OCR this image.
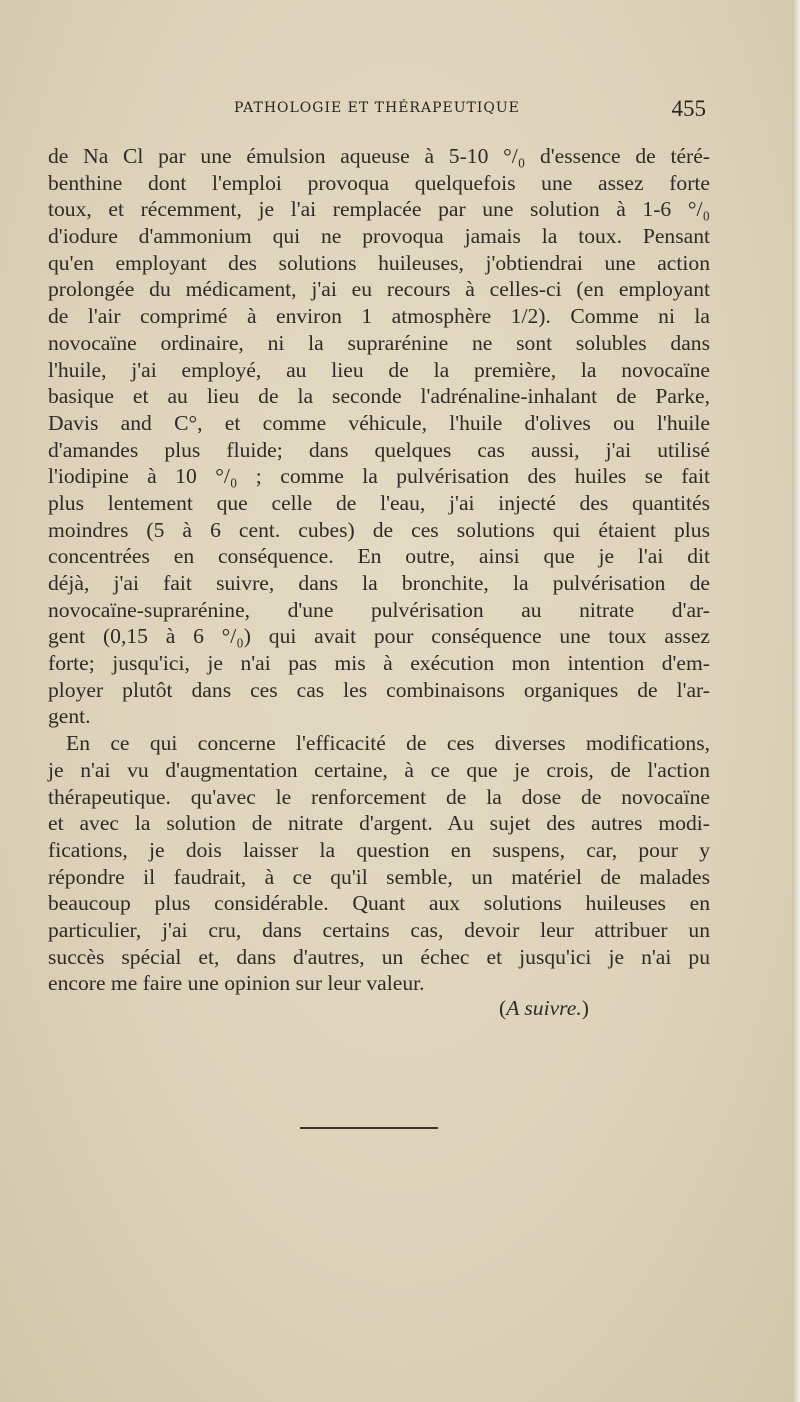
PATHOLOGIE ET THÉRAPEUTIQUE	455
de Na Cl par une émulsion aqueuse à 5-10 °/₀ d'essence de téré-
benthine dont l'emploi provoqua quelquefois une assez forte
toux, et récemment, je l'ai remplacée par une solution à 1-6 °/₀
d'iodure d'ammonium qui ne provoqua jamais la toux. Pensant
qu'en employant des solutions huileuses, j'obtiendrai une action
prolongée du médicament, j'ai eu recours à celles-ci (en employant
de l'air comprimé à environ 1 atmosphère 1/2). Comme ni la
novocaïne ordinaire, ni la suprarénine ne sont solubles dans
l'huile, j'ai employé, au lieu de la première, la novocaïne
basique et au lieu de la seconde l'adrénaline-inhalant de Parke,
Davis and C°, et comme véhicule, l'huile d'olives ou l'huile
d'amandes plus fluide; dans quelques cas aussi, j'ai utilisé
l'iodipine à 10 °/₀ ; comme la pulvérisation des huiles se fait
plus lentement que celle de l'eau, j'ai injecté des quantités
moindres (5 à 6 cent. cubes) de ces solutions qui étaient plus
concentrées en conséquence. En outre, ainsi que je l'ai dit
déjà, j'ai fait suivre, dans la bronchite, la pulvérisation de
novocaïne-suprarénine, d'une pulvérisation au nitrate d'ar-
gent (0,15 à 6 °/₀) qui avait pour conséquence une toux assez
forte; jusqu'ici, je n'ai pas mis à exécution mon intention d'em-
ployer plutôt dans ces cas les combinaisons organiques de l'ar-
gent.
En ce qui concerne l'efficacité de ces diverses modifications,
je n'ai vu d'augmentation certaine, à ce que je crois, de l'action
thérapeutique. qu'avec le renforcement de la dose de novocaïne
et avec la solution de nitrate d'argent. Au sujet des autres modi-
fications, je dois laisser la question en suspens, car, pour y
répondre il faudrait, à ce qu'il semble, un matériel de malades
beaucoup plus considérable. Quant aux solutions huileuses en
particulier, j'ai cru, dans certains cas, devoir leur attribuer un
succès spécial et, dans d'autres, un échec et jusqu'ici je n'ai pu
encore me faire une opinion sur leur valeur.
(A suivre.)
